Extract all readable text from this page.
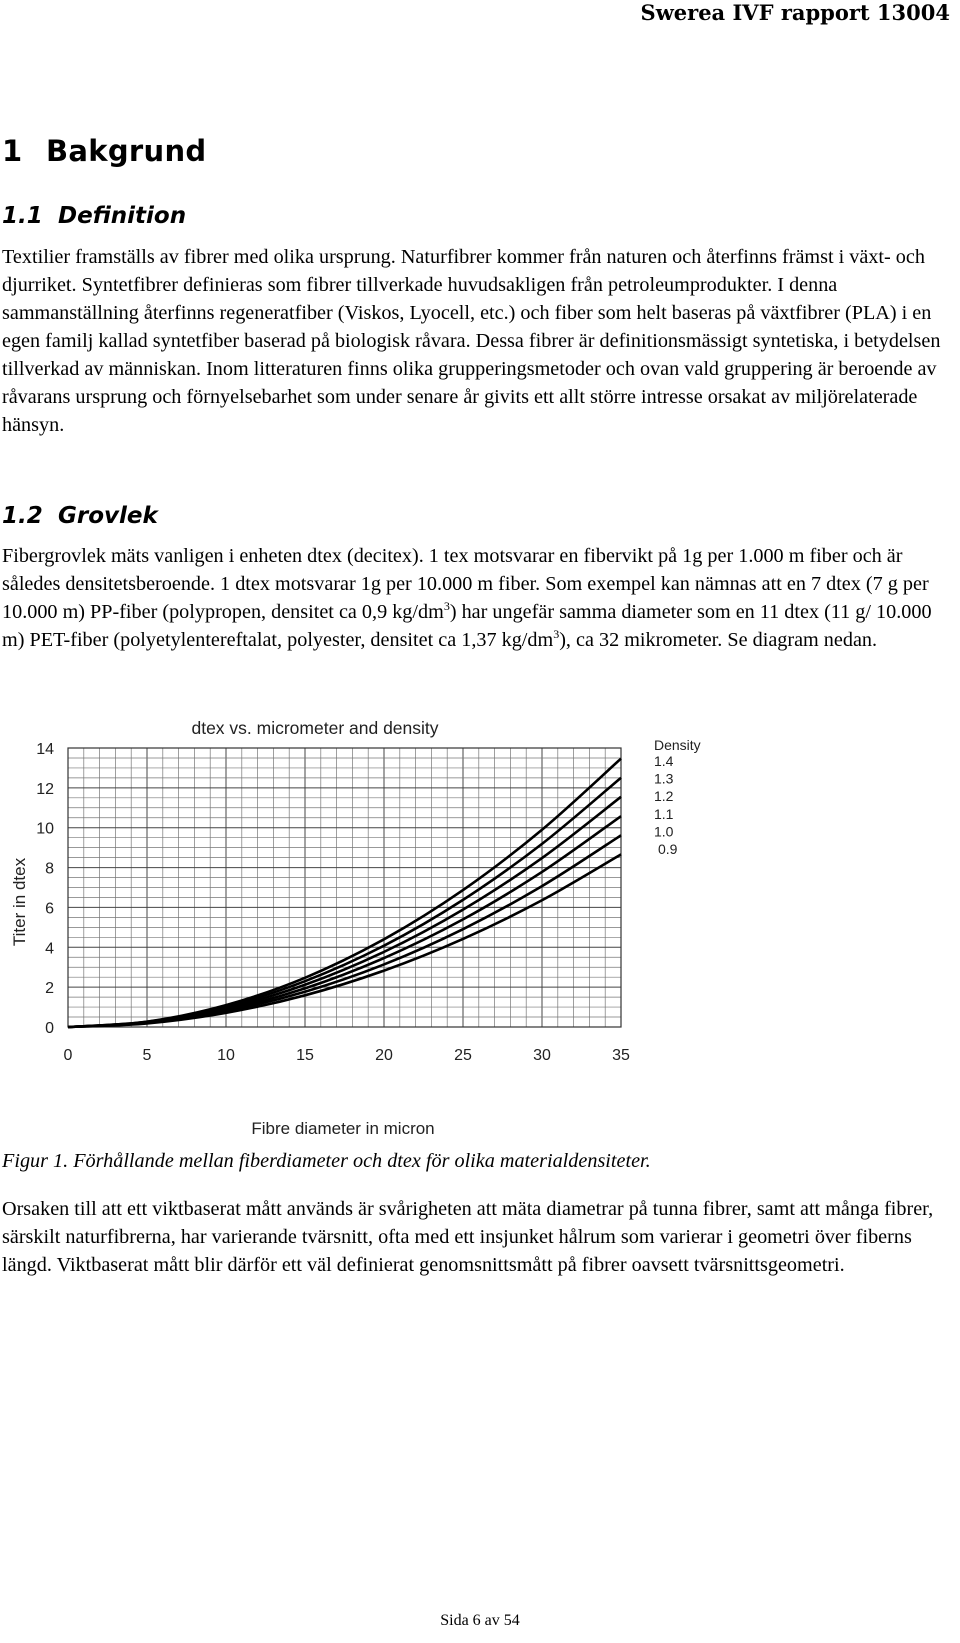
Swerea IVF rapport 13004
1 Bakgrund
1.1 Definition

Textilier framställs av fibrer med olika ursprung. Naturfibrer kommer från naturen och återfinns främst i växt- och djurriket. Syntetfibrer definieras som fibrer tillverkade huvudsakligen från petroleumprodukter. I denna sammanställning återfinns regeneratfiber (Viskos, Lyocell, etc.) och fiber som helt baseras på växtfibrer (PLA) i en egen familj kallad syntetfiber baserad på biologisk råvara. Dessa fibrer är definitionsmässigt syntetiska, i betydelsen tillverkad av människan. Inom litteraturen finns olika grupperingsmetoder och ovan vald gruppering är beroende av råvarans ursprung och förnyelsebarhet som under senare år givits ett allt större intresse orsakat av miljörelaterade hänsyn.

1.2 Grovlek

Fibergrovlek mäts vanligen i enheten dtex (decitex). 1 tex motsvarar en fibervikt på 1g per 1.000 m fiber och är således densitetsberoende. 1 dtex motsvarar 1g per 10.000 m fiber. Som exempel kan nämnas att en 7 dtex (7 g per 10.000 m) PP-fiber (polypropen, densitet ca 0,9 $kg/dm^3$) har ungefär samma diameter som en 11 dtex (11 g/ 10.000 m) PET-fiber (polyetylentereftalat, polyester, densitet ca 1,37 $kg/dm^3$), ca 32 mikrometer. Se diagram nedan.

dtex vs. micrometer and density
0
2
4
6
8
10
12
14
0	5	10	15	20	25	30	35
Fibre diameter in micron
Titer in dtex
Density
1.4
1.3
1.2
1.1
1.0
0.9

Figur 1. Förhållande mellan fiberdiameter och dtex för olika materialdensiteter.

Orsaken till att ett viktbaserat mått används är svårigheten att mäta diametrar på tunna fibrer, samt att många fibrer, särskilt naturfibrerna, har varierande tvärsnitt, ofta med ett insjunket hålrum som varierar i geometri över fiberns längd. Viktbaserat mått blir därför ett väl definierat genomsnittsmått på fibrer oavsett tvärsnittsgeometri.

Sida 6 av 54
